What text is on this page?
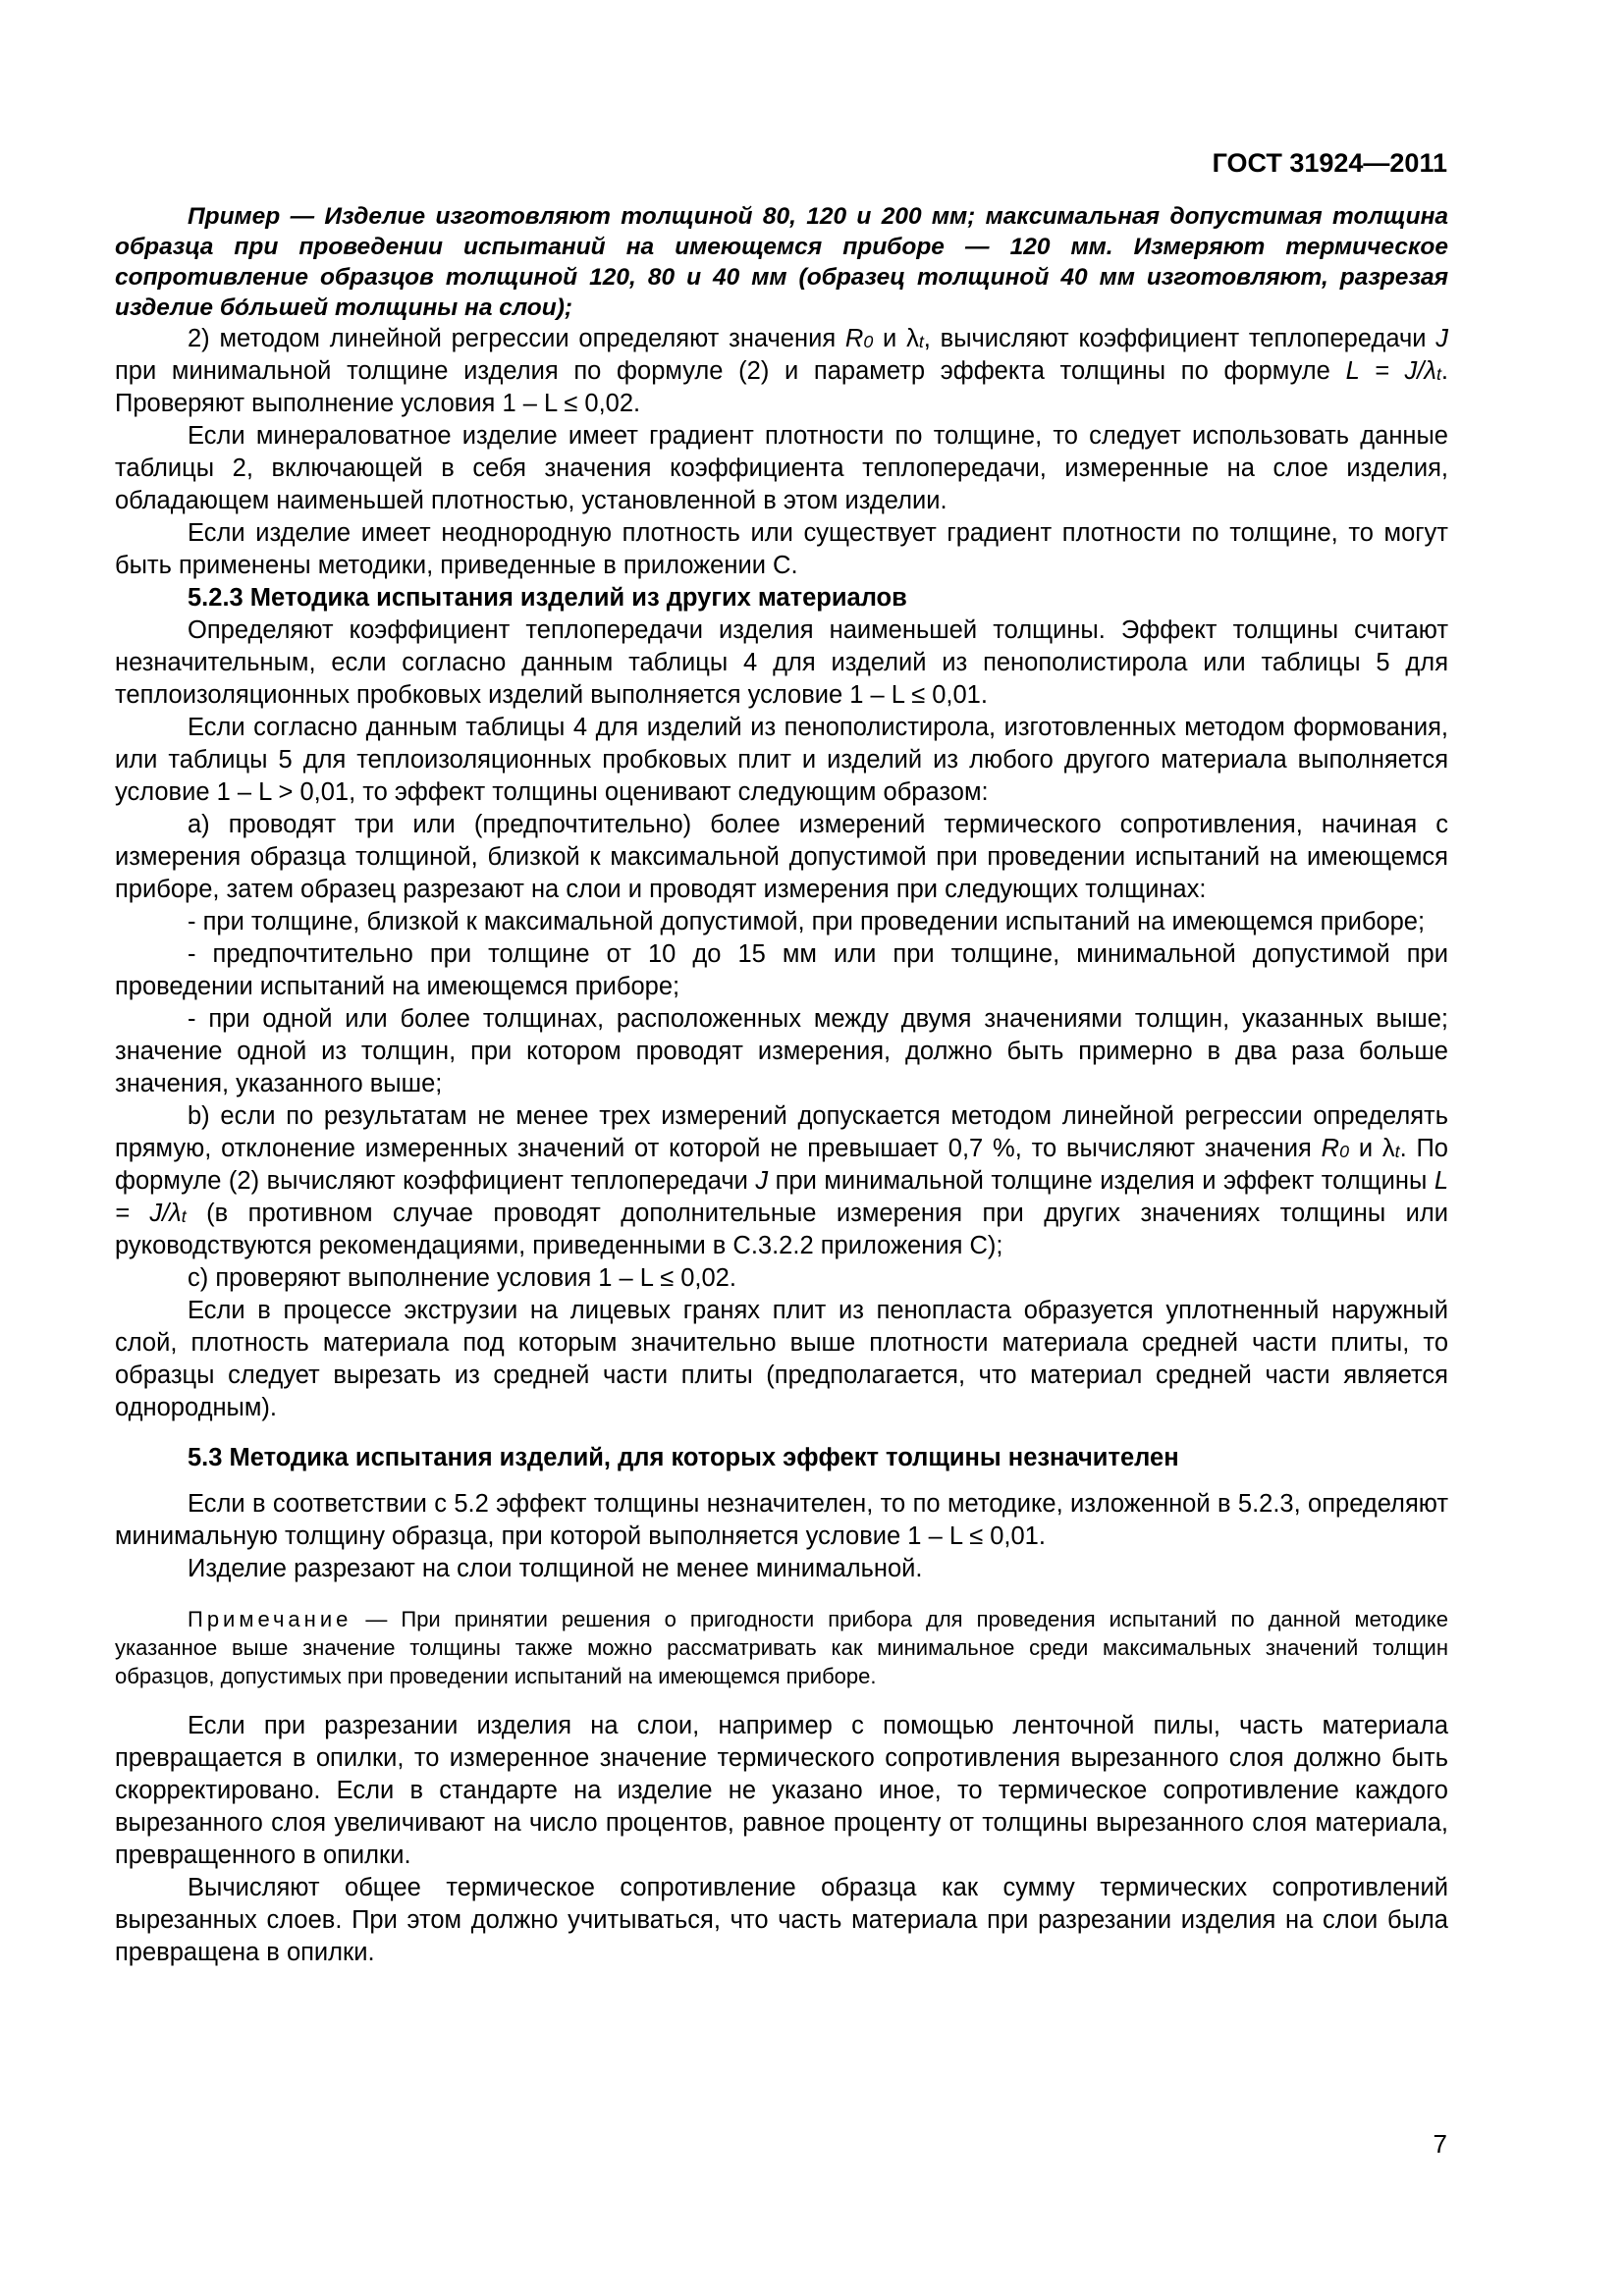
ГОСТ 31924—2011

Пример — Изделие изготовляют толщиной 80, 120 и 200 мм; максимальная допустимая толщина образца при проведении испытаний на имеющемся приборе — 120 мм. Измеряют термическое сопротивление образцов толщиной 120, 80 и 40 мм (образец толщиной 40 мм изготовляют, разрезая изделие бо́льшей толщины на слои);

2) методом линейной регрессии определяют значения $R_0$ и $\lambda_t$, вычисляют коэффициент теплопередачи J при минимальной толщине изделия по формуле (2) и параметр эффекта толщины по формуле $L = J/\lambda_t$. Проверяют выполнение условия 1 – L ≤ 0,02.

Если минераловатное изделие имеет градиент плотности по толщине, то следует использовать данные таблицы 2, включающей в себя значения коэффициента теплопередачи, измеренные на слое изделия, обладающем наименьшей плотностью, установленной в этом изделии.

Если изделие имеет неоднородную плотность или существует градиент плотности по толщине, то могут быть применены методики, приведенные в приложении С.

5.2.3 Методика испытания изделий из других материалов

Определяют коэффициент теплопередачи изделия наименьшей толщины. Эффект толщины считают незначительным, если согласно данным таблицы 4 для изделий из пенополистирола или таблицы 5 для теплоизоляционных пробковых изделий выполняется условие 1 – L ≤ 0,01.

Если согласно данным таблицы 4 для изделий из пенополистирола, изготовленных методом формования, или таблицы 5 для теплоизоляционных пробковых плит и изделий из любого другого материала выполняется условие 1 – L > 0,01, то эффект толщины оценивают следующим образом:

а) проводят три или (предпочтительно) более измерений термического сопротивления, начиная с измерения образца толщиной, близкой к максимальной допустимой при проведении испытаний на имеющемся приборе, затем образец разрезают на слои и проводят измерения при следующих толщинах:

- при толщине, близкой к максимальной допустимой, при проведении испытаний на имеющемся приборе;

- предпочтительно при толщине от 10 до 15 мм или при толщине, минимальной допустимой при проведении испытаний на имеющемся приборе;

- при одной или более толщинах, расположенных между двумя значениями толщин, указанных выше; значение одной из толщин, при котором проводят измерения, должно быть примерно в два раза больше значения, указанного выше;

b) если по результатам не менее трех измерений допускается методом линейной регрессии определять прямую, отклонение измеренных значений от которой не превышает 0,7 %, то вычисляют значения $R_0$ и $\lambda_t$. По формуле (2) вычисляют коэффициент теплопередачи J при минимальной толщине изделия и эффект толщины $L = J/\lambda_t$ (в противном случае проводят дополнительные измерения при других значениях толщины или руководствуются рекомендациями, приведенными в С.3.2.2 приложения С);

c) проверяют выполнение условия 1 – L ≤ 0,02.

Если в процессе экструзии на лицевых гранях плит из пенопласта образуется уплотненный наружный слой, плотность материала под которым значительно выше плотности материала средней части плиты, то образцы следует вырезать из средней части плиты (предполагается, что материал средней части является однородным).

5.3 Методика испытания изделий, для которых эффект толщины незначителен

Если в соответствии с 5.2 эффект толщины незначителен, то по методике, изложенной в 5.2.3, определяют минимальную толщину образца, при которой выполняется условие 1 – L ≤ 0,01.

Изделие разрезают на слои толщиной не менее минимальной.

Примечание — При принятии решения о пригодности прибора для проведения испытаний по данной методике указанное выше значение толщины также можно рассматривать как минимальное среди максимальных значений толщин образцов, допустимых при проведении испытаний на имеющемся приборе.

Если при разрезании изделия на слои, например с помощью ленточной пилы, часть материала превращается в опилки, то измеренное значение термического сопротивления вырезанного слоя должно быть скорректировано. Если в стандарте на изделие не указано иное, то термическое сопротивление каждого вырезанного слоя увеличивают на число процентов, равное проценту от толщины вырезанного слоя материала, превращенного в опилки.

Вычисляют общее термическое сопротивление образца как сумму термических сопротивлений вырезанных слоев. При этом должно учитываться, что часть материала при разрезании изделия на слои была превращена в опилки.

7
